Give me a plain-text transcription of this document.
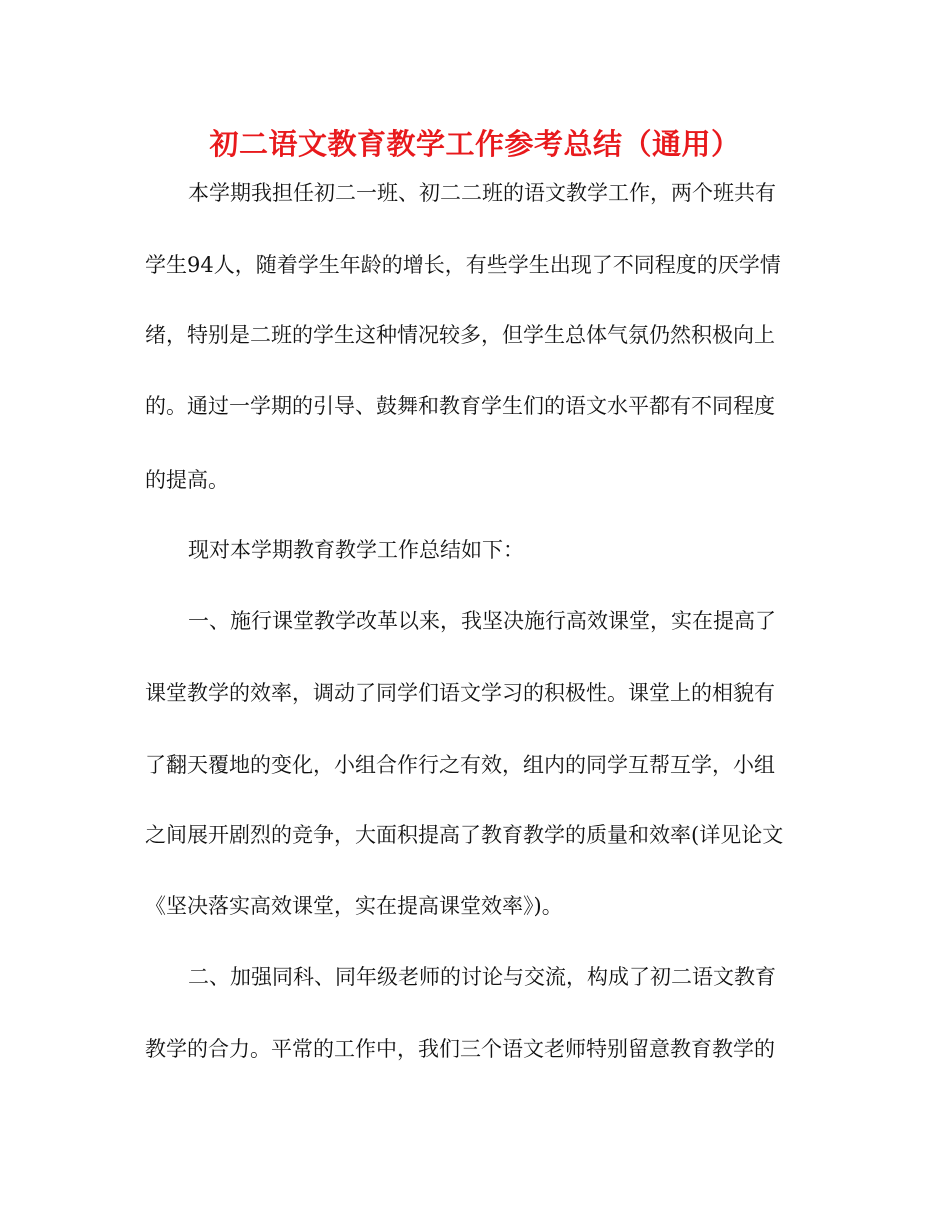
初二语文教育教学工作参考总结（通用）
本学期我担任初二一班、初二二班的语文教学工作，两个班共有
学生94人，随着学生年龄的增长，有些学生出现了不同程度的厌学情
绪，特别是二班的学生这种情况较多，但学生总体气氛仍然积极向上
的。通过一学期的引导、鼓舞和教育学生们的语文水平都有不同程度
的提高。
现对本学期教育教学工作总结如下：
一、施行课堂教学改革以来，我坚决施行高效课堂，实在提高了
课堂教学的效率，调动了同学们语文学习的积极性。课堂上的相貌有
了翻天覆地的变化，小组合作行之有效，组内的同学互帮互学，小组
之间展开剧烈的竞争，大面积提高了教育教学的质量和效率(详见论文
《坚决落实高效课堂，实在提高课堂效率》)。
二、加强同科、同年级老师的讨论与交流，构成了初二语文教育
教学的合力。平常的工作中，我们三个语文老师特别留意教育教学的
